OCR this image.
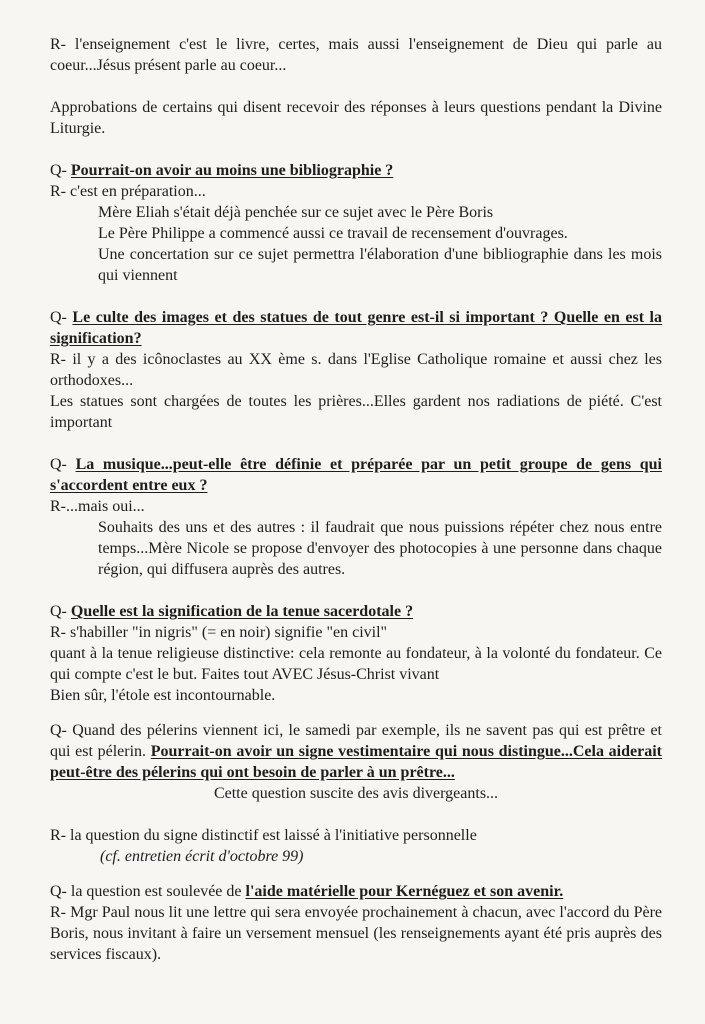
R- l'enseignement c'est le livre, certes, mais aussi l'enseignement de Dieu qui parle au coeur...Jésus présent parle au coeur...

Approbations de certains qui disent recevoir des réponses à leurs questions pendant la Divine Liturgie.

Q- Pourrait-on avoir au moins une bibliographie ?

R- c'est en préparation...

Mère Eliah s'était déjà penchée sur ce sujet avec le Père Boris

Le Père Philippe a commencé aussi ce travail de recensement d'ouvrages.

Une concertation sur ce sujet permettra l'élaboration d'une bibliographie dans les mois qui viennent

Q- Le culte des images et des statues de tout genre est-il si important ? Quelle en est la signification?

R- il y a des icônoclastes au XX ème s. dans l'Eglise Catholique romaine et aussi chez les orthodoxes...

Les statues sont chargées de toutes les prières...Elles gardent nos radiations de piété. C'est important

Q- La musique...peut-elle être définie et préparée par un petit groupe de gens qui s'accordent entre eux ?

R-...mais oui...

Souhaits des uns et des autres : il faudrait que nous puissions répéter chez nous entre temps...Mère Nicole se propose d'envoyer des photocopies à une personne dans chaque région, qui diffusera auprès des autres.

Q- Quelle est la signification de la tenue sacerdotale ?

R- s'habiller "in nigris" (= en noir) signifie "en civil"

quant à la tenue religieuse distinctive: cela remonte au fondateur, à la volonté du fondateur. Ce qui compte c'est le but. Faites tout AVEC Jésus-Christ vivant

Bien sûr, l'étole est incontournable.

Q- Quand des pélerins viennent ici, le samedi par exemple, ils ne savent pas qui est prêtre et qui est pélerin. Pourrait-on avoir un signe vestimentaire qui nous distingue...Cela aiderait peut-être des pélerins qui ont besoin de parler à un prêtre...

Cette question suscite des avis divergeants...

R- la question du signe distinctif est laissé à l'initiative personnelle

(cf. entretien écrit d'octobre 99)

Q- la question est soulevée de l'aide matérielle pour Kernéguez et son avenir.

R- Mgr Paul nous lit une lettre qui sera envoyée prochainement à chacun, avec l'accord du Père Boris, nous invitant à faire un versement mensuel (les renseignements ayant été pris auprès des services fiscaux).
